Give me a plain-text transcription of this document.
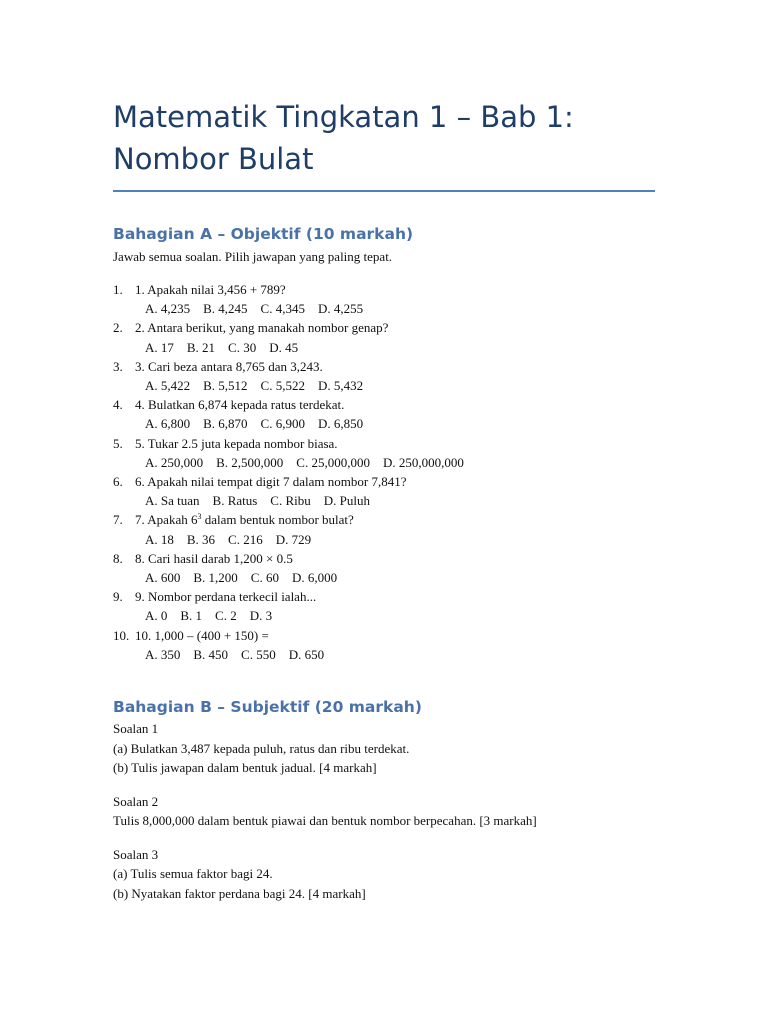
Matematik Tingkatan 1 – Bab 1:
Nombor Bulat
Bahagian A – Objektif (10 markah)

Jawab semua soalan. Pilih jawapan yang paling tepat.

1. 1. Apakah nilai 3,456 + 789?
A. 4,235    B. 4,245    C. 4,345    D. 4,255
2. 2. Antara berikut, yang manakah nombor genap?
A. 17    B. 21    C. 30    D. 45
3. 3. Cari beza antara 8,765 dan 3,243.
A. 5,422    B. 5,512    C. 5,522    D. 5,432
4. 4. Bulatkan 6,874 kepada ratus terdekat.
A. 6,800    B. 6,870    C. 6,900    D. 6,850
5. 5. Tukar 2.5 juta kepada nombor biasa.
A. 250,000    B. 2,500,000    C. 25,000,000    D. 250,000,000
6. 6. Apakah nilai tempat digit 7 dalam nombor 7,841?
A. Sa tuan    B. Ratus    C. Ribu    D. Puluh
7. 7. Apakah $6^3$ dalam bentuk nombor bulat?
A. 18    B. 36    C. 216    D. 729
8. 8. Cari hasil darab 1,200 × 0.5
A. 600    B. 1,200    C. 60    D. 6,000
9. 9. Nombor perdana terkecil ialah...
A. 0    B. 1    C. 2    D. 3
10. 10. 1,000 – (400 + 150) =
A. 350    B. 450    C. 550    D. 650
Bahagian B – Subjektif (20 markah)

Soalan 1

(a) Bulatkan 3,487 kepada puluh, ratus dan ribu terdekat.

(b) Tulis jawapan dalam bentuk jadual. [4 markah]

Soalan 2

Tulis 8,000,000 dalam bentuk piawai dan bentuk nombor berpecahan. [3 markah]

Soalan 3

(a) Tulis semua faktor bagi 24.

(b) Nyatakan faktor perdana bagi 24. [4 markah]
